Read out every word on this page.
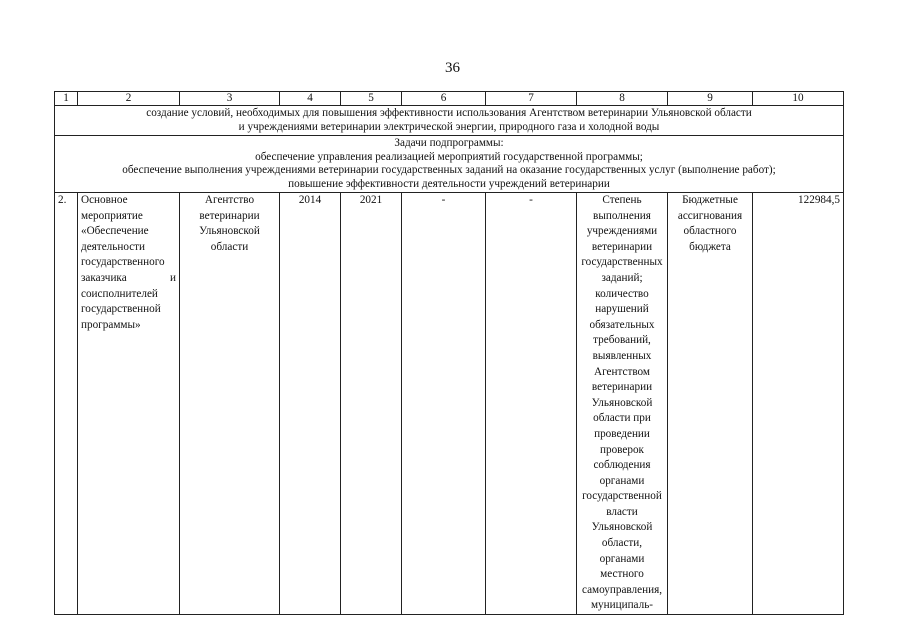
36
1	2	3	4	5	6	7	8	9	10

создание условий, необходимых для повышения эффективности использования Агентством ветеринарии Ульяновской области
и учреждениями ветеринарии электрической энергии, природного газа и холодной воды									

Задачи подпрограммы:
обеспечение управления реализацией мероприятий государственной программы;
обеспечение выполнения учреждениями ветеринарии государственных заданий на оказание государственных услуг (выполнение работ);
повышение эффективности деятельности учреждений ветеринарии									

2.	Основное мероприятие «Обеспечение деятельности государственного заказчика и соисполнителей государственной программы»	Агентство ветеринарии Ульяновской области	2014	2021	-	-	Степень выполнения учреждениями ветеринарии государственных заданий; количество нарушений обязательных требований, выявленных Агентством ветеринарии Ульяновской области при проведении проверок соблюдения органами государственной власти Ульяновской области, органами местного самоуправления, муниципаль-	Бюджетные ассигнования областного бюджета	122984,5
